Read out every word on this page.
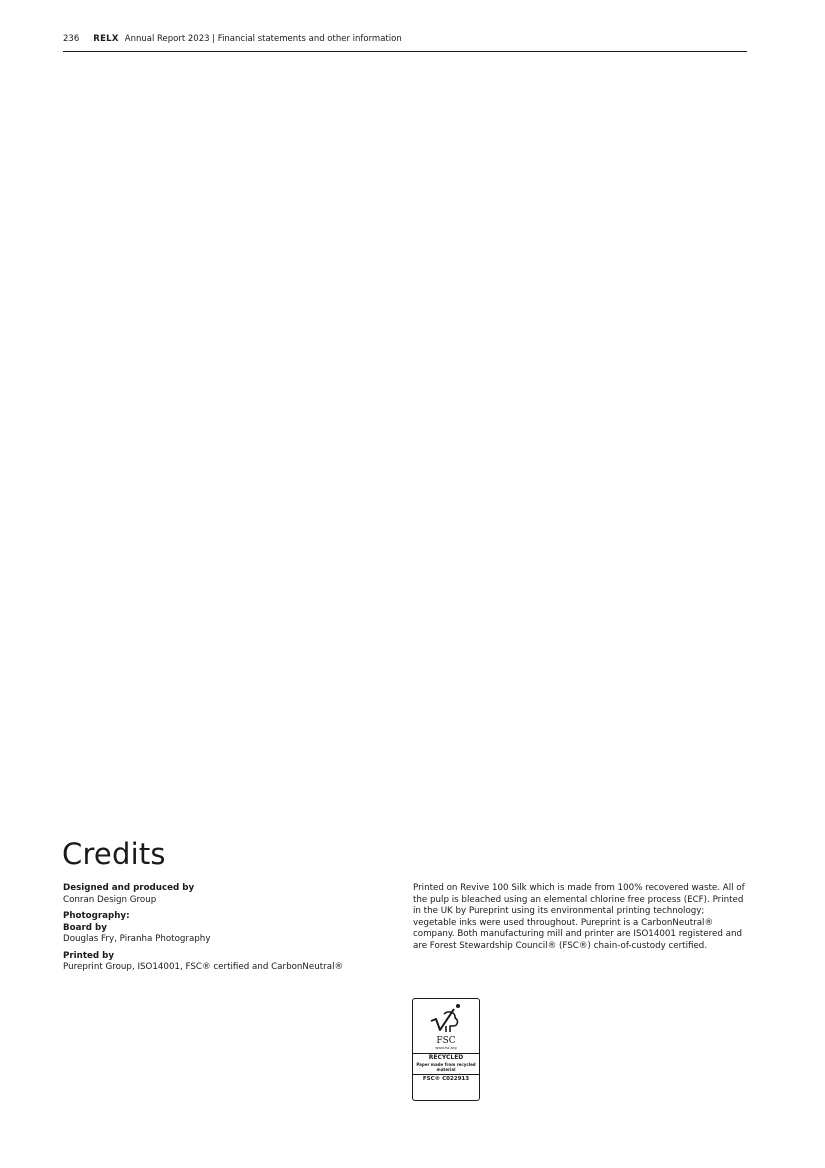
236 RELX Annual Report 2023 | Financial statements and other information
Credits
Designed and produced by
Conran Design Group
Photography:
Board by
Douglas Fry, Piranha Photography
Printed by
Pureprint Group, ISO14001, FSC® certified and CarbonNeutral®
Printed on Revive 100 Silk which is made from 100% recovered waste. All of the pulp is bleached using an elemental chlorine free process (ECF). Printed in the UK by Pureprint using its environmental printing technology; vegetable inks were used throughout. Pureprint is a CarbonNeutral® company. Both manufacturing mill and printer are ISO14001 registered and are Forest Stewardship Council® (FSC®) chain-of-custody certified.
FSC
www.fsc.org
RECYCLED
Paper made from recycled material
FSC® C022913
